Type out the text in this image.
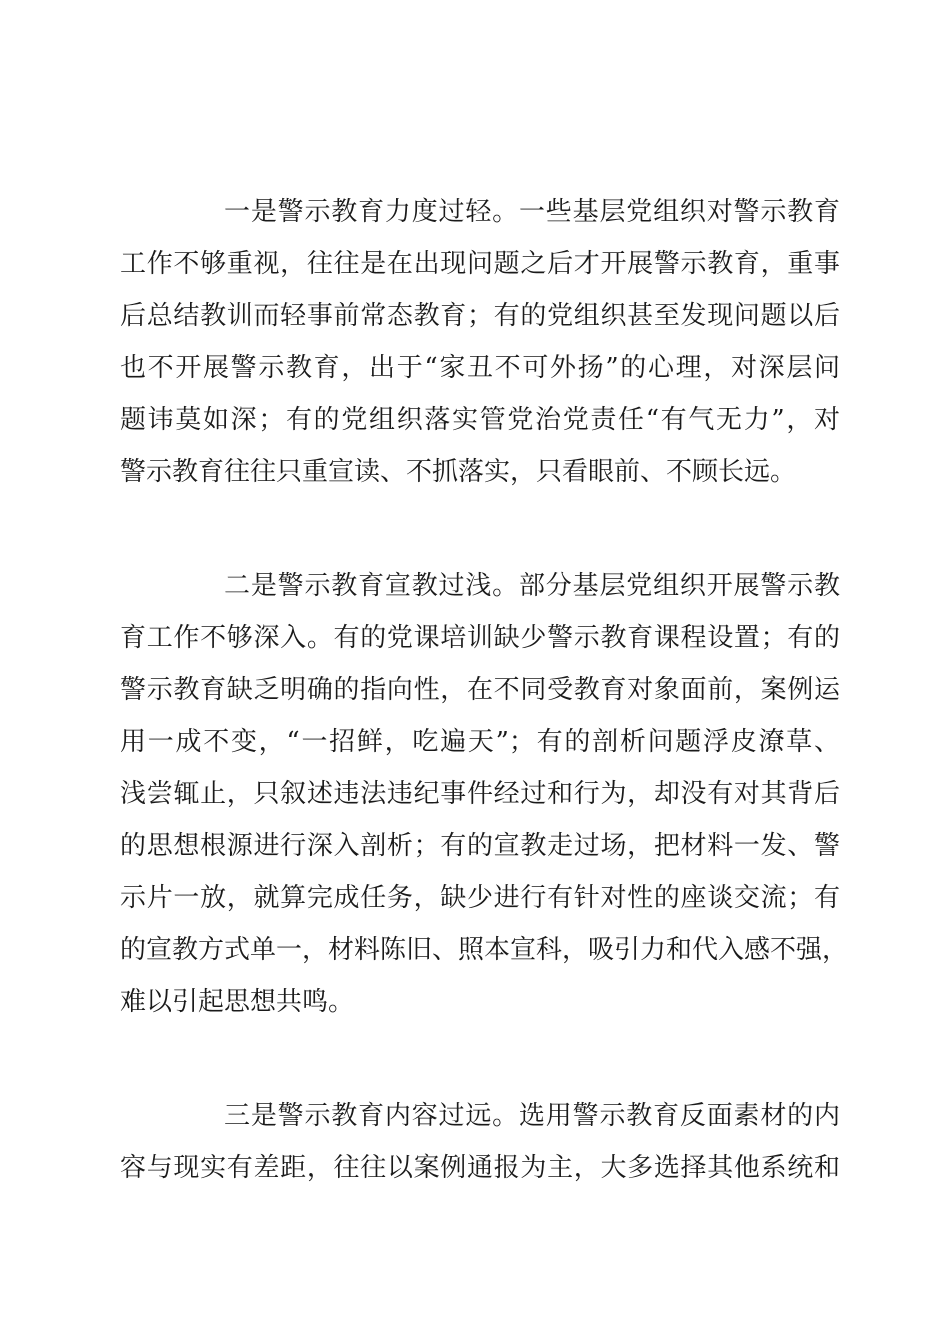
一是警示教育力度过轻。一些基层党组织对警示教育
工作不够重视，往往是在出现问题之后才开展警示教育，重事
后总结教训而轻事前常态教育；有的党组织甚至发现问题以后
也不开展警示教育，出于“家丑不可外扬”的心理，对深层问
题讳莫如深；有的党组织落实管党治党责任“有气无力”，对
警示教育往往只重宣读、不抓落实，只看眼前、不顾长远。
二是警示教育宣教过浅。部分基层党组织开展警示教
育工作不够深入。有的党课培训缺少警示教育课程设置；有的
警示教育缺乏明确的指向性，在不同受教育对象面前，案例运
用一成不变，“一招鲜，吃遍天”；有的剖析问题浮皮潦草、
浅尝辄止，只叙述违法违纪事件经过和行为，却没有对其背后
的思想根源进行深入剖析；有的宣教走过场，把材料一发、警
示片一放，就算完成任务，缺少进行有针对性的座谈交流；有
的宣教方式单一，材料陈旧、照本宣科，吸引力和代入感不强，
难以引起思想共鸣。
三是警示教育内容过远。选用警示教育反面素材的内
容与现实有差距，往往以案例通报为主，大多选择其他系统和
